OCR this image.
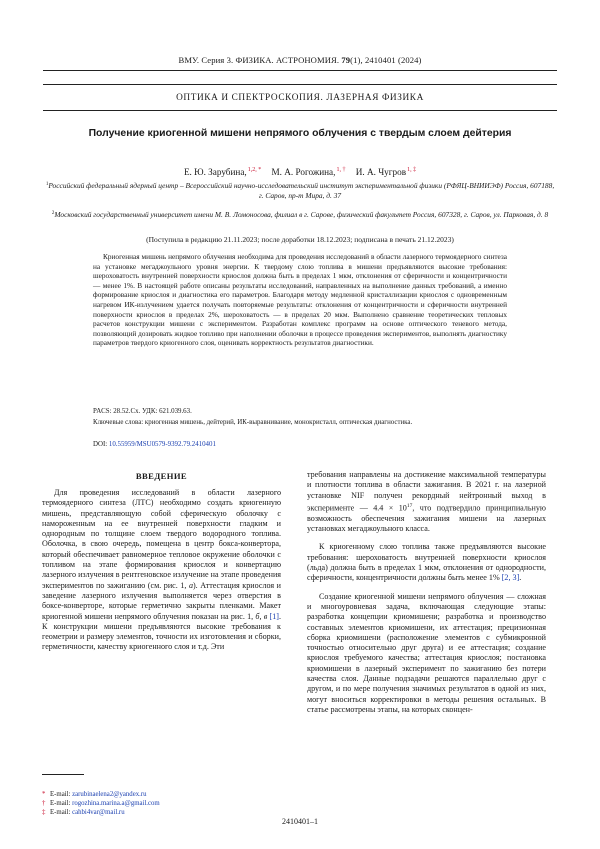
ВМУ. Серия 3. ФИЗИКА. АСТРОНОМИЯ. 79(1), 2410401 (2024)
ОПТИКА И СПЕКТРОСКОПИЯ. ЛАЗЕРНАЯ ФИЗИКА
Получение криогенной мишени непрямого облучения с твердым слоем дейтерия
Е. Ю. Зарубина,$^{1,2, *}$ М. А. Рогожина,$^{1, \dagger}$ И. А. Чугров$^{1, \ddagger}$
$^1$Российский федеральный ядерный центр – Всероссийский научно-исследовательский институт экспериментальной физики (РФЯЦ-ВНИИЭФ) Россия, 607188, г. Саров, пр-т Мира, д. 37
$^2$Московский государственный университет имени М. В. Ломоносова, филиал в г. Сарове, физический факультет Россия, 607328, г. Саров, ул. Парковая, д. 8
(Поступила в редакцию 21.11.2023; после доработки 18.12.2023; подписана в печать 21.12.2023)
Криогенная мишень непрямого облучения необходима для проведения исследований в области лазерного термоядерного синтеза на установке мегаджоульного уровня энергии. К твердому слою топлива в мишени предъявляются высокие требования: шероховатость внутренней поверхности криослоя должна быть в пределах 1 мкм, отклонения от сферичности и концентричности — менее 1%. В настоящей работе описаны результаты исследований, направленных на выполнение данных требований, а именно формирование криослоя и диагностика его параметров. Благодаря методу медленной кристаллизации криослоя с одновременным нагревом ИК-излучением удается получать повторяемые результаты: отклонения от концентричности и сферичности внутренней поверхности криослоя в пределах 2%, шероховатость — в пределах 20 мкм. Выполнено сравнение теоретических тепловых расчетов конструкции мишени с экспериментом. Разработан комплекс программ на основе оптического теневого метода, позволяющий дозировать жидкое топливо при наполнении оболочки в процессе проведения экспериментов, выполнять диагностику параметров твердого криогенного слоя, оценивать корректность результатов диагностики.
PACS: 28.52.Cx. УДК: 621.039.63.
Ключевые слова: криогенная мишень, дейтерий, ИК-выравнивание, монокристалл, оптическая диагностика.
DOI: 10.55959/MSU0579-9392.79.2410401
ВВЕДЕНИЕ

Для проведения исследований в области лазерного термоядерного синтеза (ЛТС) необходимо создать криогенную мишень, представляющую собой сферическую оболочку с намороженным на ее внутренней поверхности гладким и однородным по толщине слоем твердого водородного топлива. Оболочка, в свою очередь, помещена в центр бокса-конвертора, который обеспечивает равномерное тепловое окружение оболочки с топливом на этапе формирования криослоя и конвертацию лазерного излучения в рентгеновское излучение на этапе проведения экспериментов по зажиганию (см. рис. 1, а). Аттестация криослоя и заведение лазерного излучения выполняется через отверстия в боксе-конверторе, которые герметично закрыты пленками. Макет криогенной мишени непрямого облучения показан на рис. 1, б, в [1]. К конструкции мишени предъявляются высокие требования к геометрии и размеру элементов, точности их изготовления и сборки, герметичности, качеству криогенного слоя и т.д. Эти

требования направлены на достижение максимальной температуры и плотности топлива в области зажигания. В 2021 г. на лазерной установке NIF получен рекордный нейтронный выход в эксперименте — $4.4 \times 10^{17}$, что подтвердило принципиальную возможность обеспечения зажигания мишени на лазерных установках мегаджоульного класса.

К криогенному слою топлива также предъявляются высокие требования: шероховатость внутренней поверхности криослоя (льда) должна быть в пределах 1 мкм, отклонения от однородности, сферичности, концентричности должны быть менее 1% [2, 3].

Создание криогенной мишени непрямого облучения — сложная и многоуровневая задача, включающая следующие этапы: разработка концепции криомишени; разработка и производство составных элементов криомишени, их аттестация; прецизионная сборка криомишени (расположение элементов с субмикронной точностью относительно друг друга) и ее аттестация; создание криослоя требуемого качества; аттестация криослоя; постановка криомишени в лазерный эксперимент по зажиганию без потери качества слоя. Данные подзадачи решаются параллельно друг с другом, и по мере получения значимых результатов в одной из них, могут вноситься корректировки в методы решения остальных. В статье рассмотрены этапы, на которых сконцен-

* E-mail: zarubinaelena2@yandex.ru
† E-mail: rogozhina.marina.a@gmail.com
‡ E-mail: cahbi4var@mail.ru
2410401–1
